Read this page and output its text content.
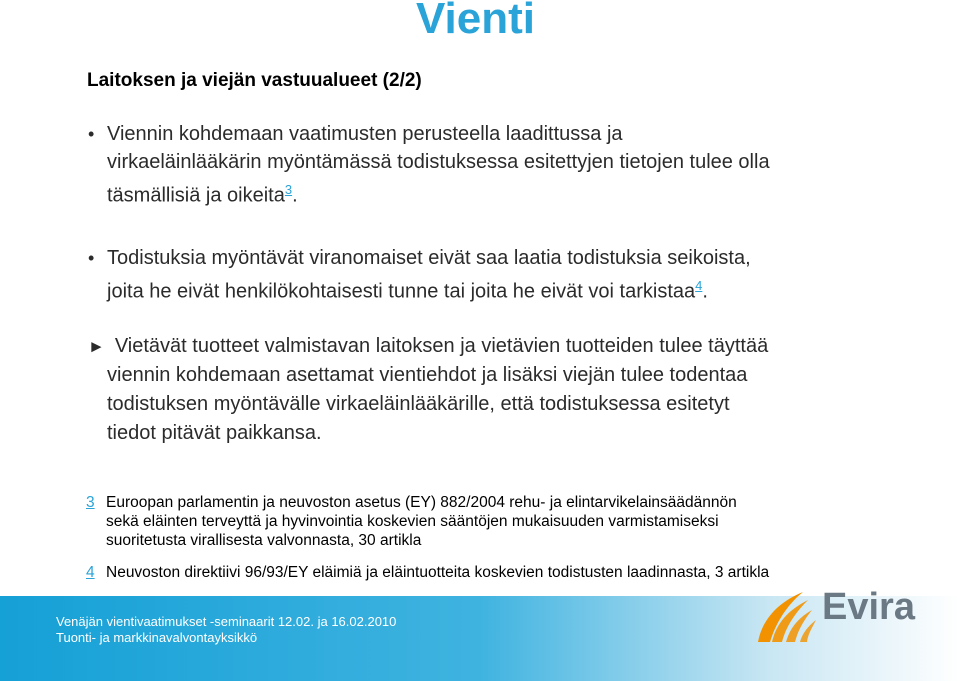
Vienti
Laitoksen ja viejän vastuualueet (2/2)
• Viennin kohdemaan vaatimusten perusteella laadittussa ja
virkaeläinlääkärin myöntämässä todistuksessa esitettyjen tietojen tulee olla
täsmällisiä ja oikeita$^3$.
• Todistuksia myöntävät viranomaiset eivät saa laatia todistuksia seikoista,
joita he eivät henkilökohtaisesti tunne tai joita he eivät voi tarkistaa$^4$.
► Vietävät tuotteet valmistavan laitoksen ja vietävien tuotteiden tulee täyttää
viennin kohdemaan asettamat vientiehdot ja lisäksi viejän tulee todentaa
todistuksen myöntävälle virkaeläinlääkärille, että todistuksessa esitetyt
tiedot pitävät paikkansa.
3 Euroopan parlamentin ja neuvoston asetus (EY) 882/2004 rehu- ja elintarvikelainsäädännön
sekä eläinten terveyttä ja hyvinvointia koskevien sääntöjen mukaisuuden varmistamiseksi
suoritetusta virallisesta valvonnasta, 30 artikla
4 Neuvoston direktiivi 96/93/EY eläimiä ja eläintuotteita koskevien todistusten laadinnasta, 3 artikla
Venäjän vientivaatimukset -seminaarit 12.02. ja 16.02.2010
Tuonti- ja markkinavalvontayksikkö
Evira
